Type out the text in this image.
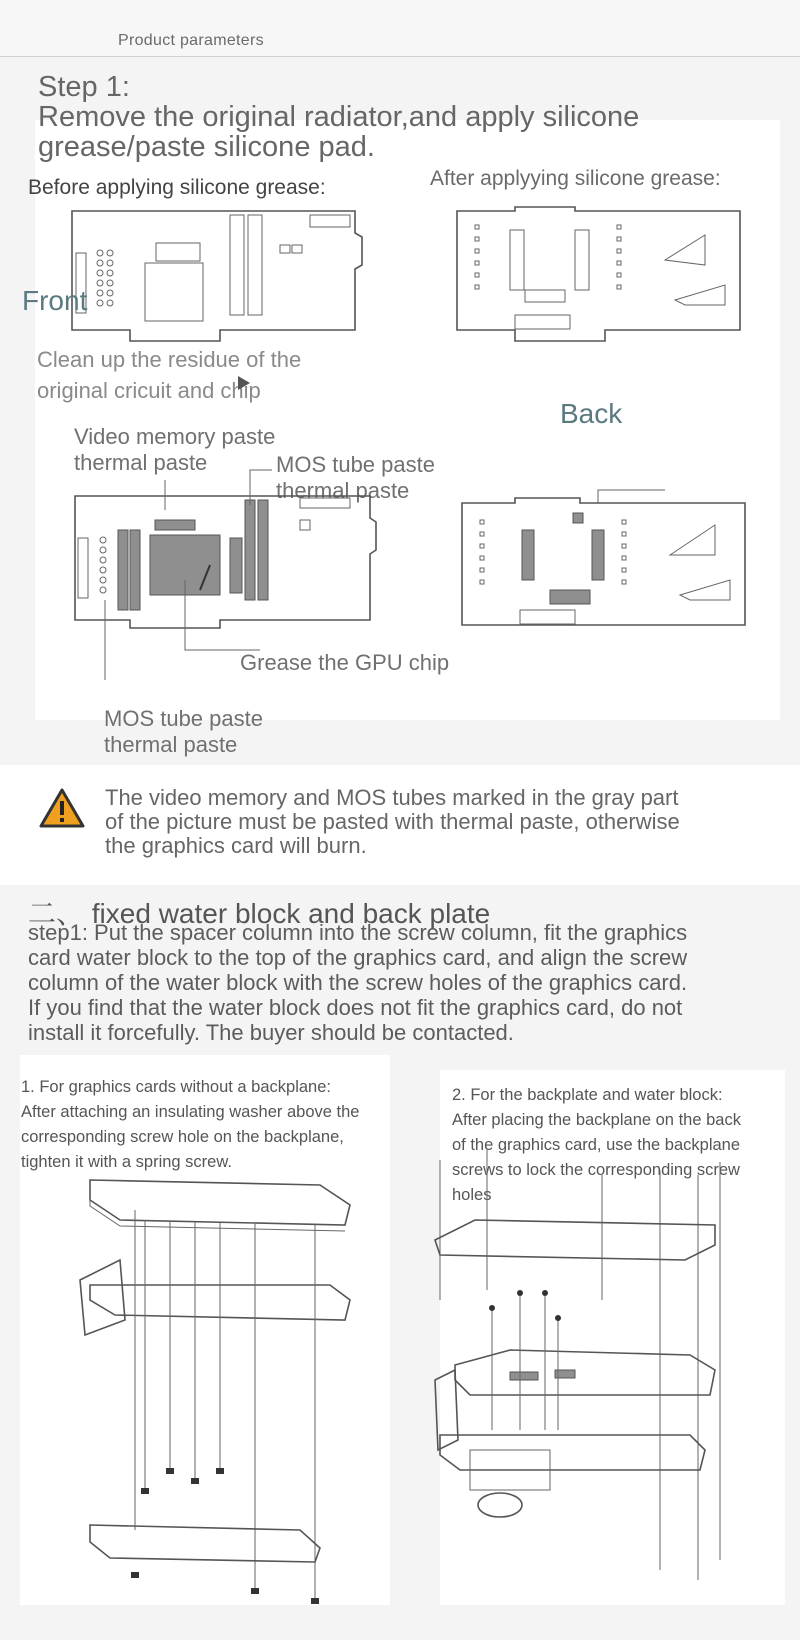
Product parameters
Step 1:
Remove the original radiator,and apply silicone
grease/paste silicone pad.
Before applying silicone grease:	After applyying silicone grease:
Front
Clean up the residue of the
original cricuit and chip
Back
Video memory paste
thermal paste	MOS tube paste
thermal paste
Grease the GPU chip
MOS tube paste
thermal paste
The video memory and MOS tubes marked in the gray part
of the picture must be pasted with thermal paste, otherwise
the graphics card will burn.
二、 fixed water block and back plate
step1: Put the spacer column into the screw column, fit the graphics
card water block to the top of the graphics card, and align the screw
column of the water block with the screw holes of the graphics card.
If you find that the water block does not fit the graphics card, do not
install it forcefully. The buyer should be contacted.
1. For graphics cards without a backplane:
After attaching an insulating washer above the
corresponding screw hole on the backplane,
tighten it with a spring screw.
2. For the backplate and water block:
After placing the backplane on the back
of the graphics card, use the backplane
screws to lock the corresponding screw
holes
